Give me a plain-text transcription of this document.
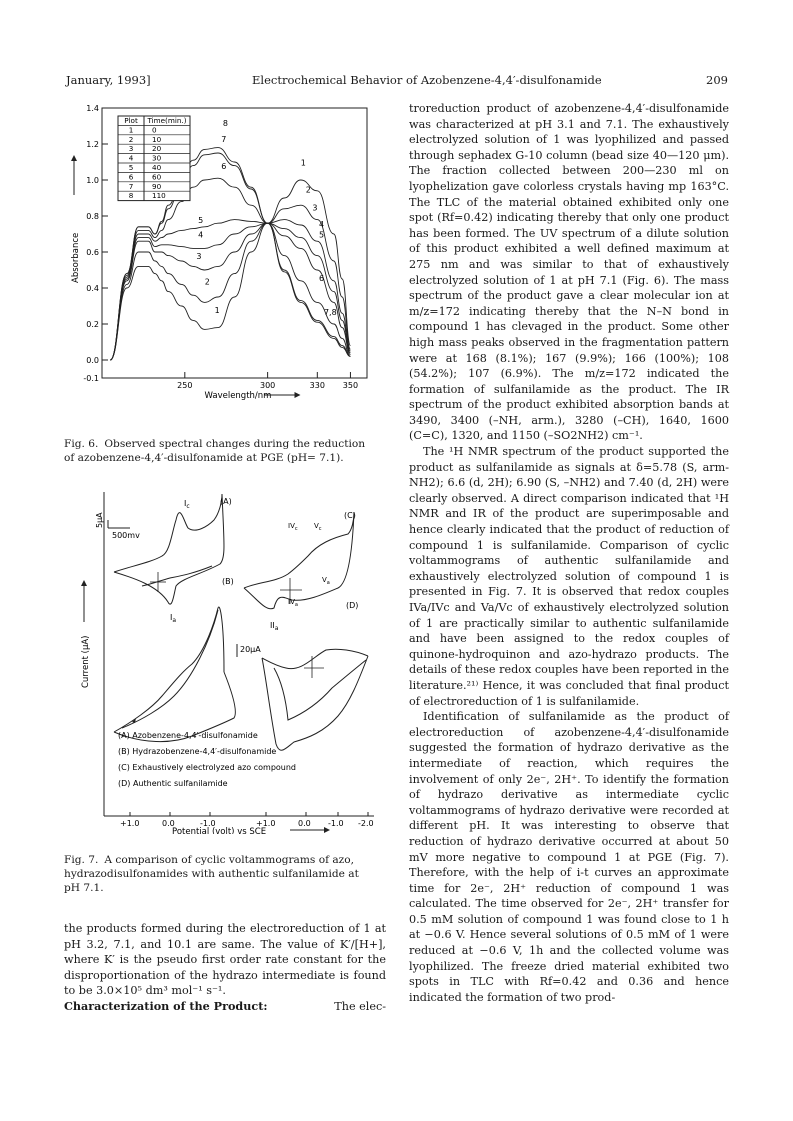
January, 1993]	Electrochemical Behavior of Azobenzene-4,4′-disulfonamide	209
1.4
1.2
1.0
0.8
0.6
0.4
0.2
0.0
-0.1
250	300	330 350
Wavelength/nm
Absorbance
Plot Time(min.)
1	0
2	10
3	20
4	30
5	40
6	60
7	90
8	110
1
2
3
4
5
6
7,8
8
7
6
5
4
3
2
1
Fig. 6. Observed spectral changes during the reduction of azobenzene-4,4′-disulfonamide at PGE (pH= 7.1).
5μA
500mv
20μA
(A)
(B)
(C)
(D)
$I_c$
$I_a$
$II_a$
$IV_c$ $V_c$
$IV_a$
$V_a$
(A) Azobenzene-4,4′-disulfonamide
(B) Hydrazobenzene-4,4′-disulfonamide
(C) Exhaustively electrolyzed azo compound
(D) Authentic sulfanilamide
+1.0	0.0	-1.0	+1.0	0.0 -1.0 -2.0
Potential (volt) vs SCE
Current (μA)
Fig. 7. A comparison of cyclic voltammograms of azo, hydrazodisulfonamides with authentic sulfanilamide at pH 7.1.

the products formed during the electroreduction of 1 at pH 3.2, 7.1, and 10.1 are same. The value of K′/[H+], where K′ is the pseudo first order rate constant for the disproportionation of the hydrazo intermediate is found to be 3.0×10⁵ dm³ mol⁻¹ s⁻¹.

Characterization of the Product:	The elec-

troreduction product of azobenzene-4,4′-disulfonamide was characterized at pH 3.1 and 7.1. The exhaustively electrolyzed solution of 1 was lyophilized and passed through sephadex G-10 column (bead size 40—120 μm). The fraction collected between 200—230 ml on lyophelization gave colorless crystals having mp 163°C. The TLC of the material obtained exhibited only one spot (Rf=0.42) indicating thereby that only one product has been formed. The UV spectrum of a dilute solution of this product exhibited a well defined maximum at 275 nm and was similar to that of exhaustively electrolyzed solution of 1 at pH 7.1 (Fig. 6). The mass spectrum of the product gave a clear molecular ion at m/z=172 indicating thereby that the N–N bond in compound 1 has clevaged in the product. Some other high mass peaks observed in the fragmentation pattern were at 168 (8.1%); 167 (9.9%); 166 (100%); 108 (54.2%); 107 (6.9%). The m/z=172 indicated the formation of sulfanilamide as the product. The IR spectrum of the product exhibited absorption bands at 3490, 3400 (–NH, arm.), 3280 (–CH), 1640, 1600 (C=C), 1320, and 1150 (–SO2NH2) cm⁻¹.

The ¹H NMR spectrum of the product supported the product as sulfanilamide as signals at δ=5.78 (S, arm-NH2); 6.6 (d, 2H); 6.90 (S, –NH2) and 7.40 (d, 2H) were clearly observed. A direct comparison indicated that ¹H NMR and IR of the product are superimposable and hence clearly indicated that the product of reduction of compound 1 is sulfanilamide. Comparison of cyclic voltammograms of authentic sulfanilamide and exhaustively electrolyzed solution of compound 1 is presented in Fig. 7. It is observed that redox couples IVa/IVc and Va/Vc of exhaustively electrolyzed solution of 1 are practically similar to authentic sulfanilamide and have been assigned to the redox couples of quinone-hydroquinon and azo-hydrazo products. The details of these redox couples have been reported in the literature.²¹⁾ Hence, it was concluded that final product of electroreduction of 1 is sulfanilamide.

Identification of sulfanilamide as the product of electroreduction of azobenzene-4,4′-disulfonamide suggested the formation of hydrazo derivative as the intermediate of reaction, which requires the involvement of only 2e⁻, 2H⁺. To identify the formation of hydrazo derivative as intermediate cyclic voltammograms of hydrazo derivative were recorded at different pH. It was interesting to observe that reduction of hydrazo derivative occurred at about 50 mV more negative to compound 1 at PGE (Fig. 7). Therefore, with the help of i-t curves an approximate time for 2e⁻, 2H⁺ reduction of compound 1 was calculated. The time observed for 2e⁻, 2H⁺ transfer for 0.5 mM solution of compound 1 was found close to 1 h at −0.6 V. Hence several solutions of 0.5 mM of 1 were reduced at −0.6 V, 1h and the collected volume was lyophilized. The freeze dried material exhibited two spots in TLC with Rf=0.42 and 0.36 and hence indicated the formation of two prod-
